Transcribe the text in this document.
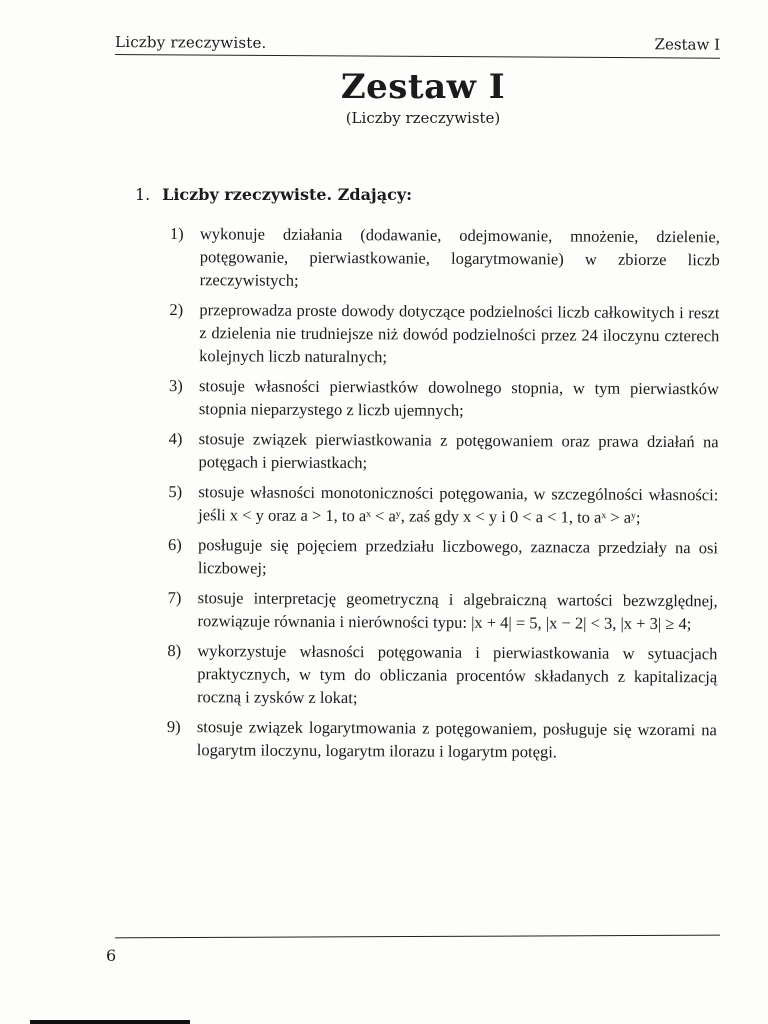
Liczby rzeczywiste.	Zestaw I
Zestaw I
(Liczby rzeczywiste)
1. Liczby rzeczywiste. Zdający:
1) wykonuje działania (dodawanie, odejmowanie, mnożenie, dzielenie, potęgowanie, pierwiastkowanie, logarytmowanie) w zbiorze liczb rzeczywistych;
2) przeprowadza proste dowody dotyczące podzielności liczb całkowitych i reszt z dzielenia nie trudniejsze niż dowód podzielności przez 24 iloczynu czterech kolejnych liczb naturalnych;
3) stosuje własności pierwiastków dowolnego stopnia, w tym pierwiastków stopnia nieparzystego z liczb ujemnych;
4) stosuje związek pierwiastkowania z potęgowaniem oraz prawa działań na potęgach i pierwiastkach;
5) stosuje własności monotoniczności potęgowania, w szczególności własności: jeśli x < y oraz a > 1, to aˣ < aʸ, zaś gdy x < y i 0 < a < 1, to aˣ > aʸ;
6) posługuje się pojęciem przedziału liczbowego, zaznacza przedziały na osi liczbowej;
7) stosuje interpretację geometryczną i algebraiczną wartości bezwzględnej, rozwiązuje równania i nierówności typu: |x + 4| = 5, |x − 2| < 3, |x + 3| ≥ 4;
8) wykorzystuje własności potęgowania i pierwiastkowania w sytuacjach praktycznych, w tym do obliczania procentów składanych z kapitalizacją roczną i zysków z lokat;
9) stosuje związek logarytmowania z potęgowaniem, posługuje się wzorami na logarytm iloczynu, logarytm ilorazu i logarytm potęgi.
6
